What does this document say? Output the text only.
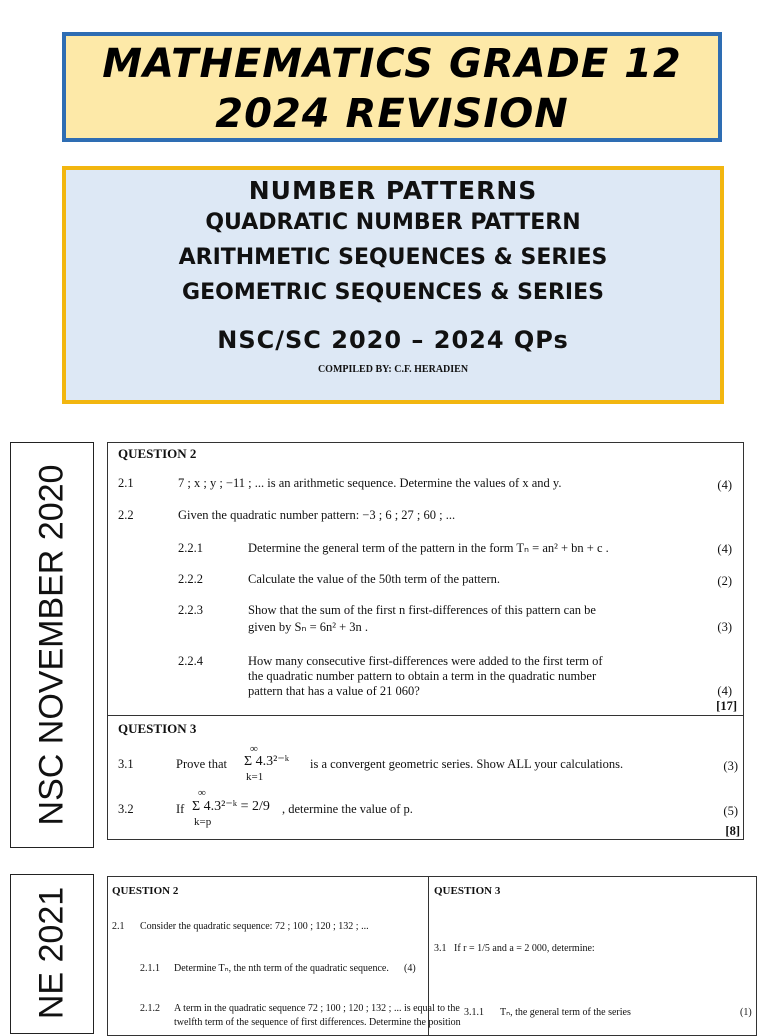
MATHEMATICS GRADE 12
2024 REVISION
NUMBER PATTERNS
QUADRATIC NUMBER PATTERN
ARITHMETIC SEQUENCES & SERIES
GEOMETRIC SEQUENCES & SERIES
NSC/SC 2020 – 2024 QPs
COMPILED BY: C.F. HERADIEN
NSC NOVEMBER 2020
QUESTION 2
2.1	7 ; x ; y ; −11 ; ... is an arithmetic sequence. Determine the values of x and y.	(4)
2.2	Given the quadratic number pattern: −3 ; 6 ; 27 ; 60 ; ...
2.2.1	Determine the general term of the pattern in the form Tₙ = an² + bn + c .	(4)
2.2.2	Calculate the value of the 50th term of the pattern.	(2)
2.2.3	Show that the sum of the first n first-differences of this pattern can be
given by Sₙ = 6n² + 3n .	(3)
2.2.4	How many consecutive first-differences were added to the first term of
the quadratic number pattern to obtain a term in the quadratic number
pattern that has a value of 21 060?	(4)
[17]
QUESTION 3
3.1	Prove that
∞
Σ 4.3²⁻ᵏ
k=1
is a convergent geometric series. Show ALL your calculations.	(3)
3.2	If
∞
Σ 4.3²⁻ᵏ = 2/9
k=p
, determine the value of p.	(5)
[8]
NE 2021	QUESTION 2
2.1 Consider the quadratic sequence: 72 ; 100 ; 120 ; 132 ; ...
2.1.1 Determine Tₙ, the nth term of the quadratic sequence. (4)
2.1.2 A term in the quadratic sequence 72 ; 100 ; 120 ; 132 ; ... is equal to the
twelfth term of the sequence of first differences. Determine the position
QUESTION 3
3.1 If r = 1/5 and a = 2 000, determine:
3.1.1 Tₙ, the general term of the series	(1)
